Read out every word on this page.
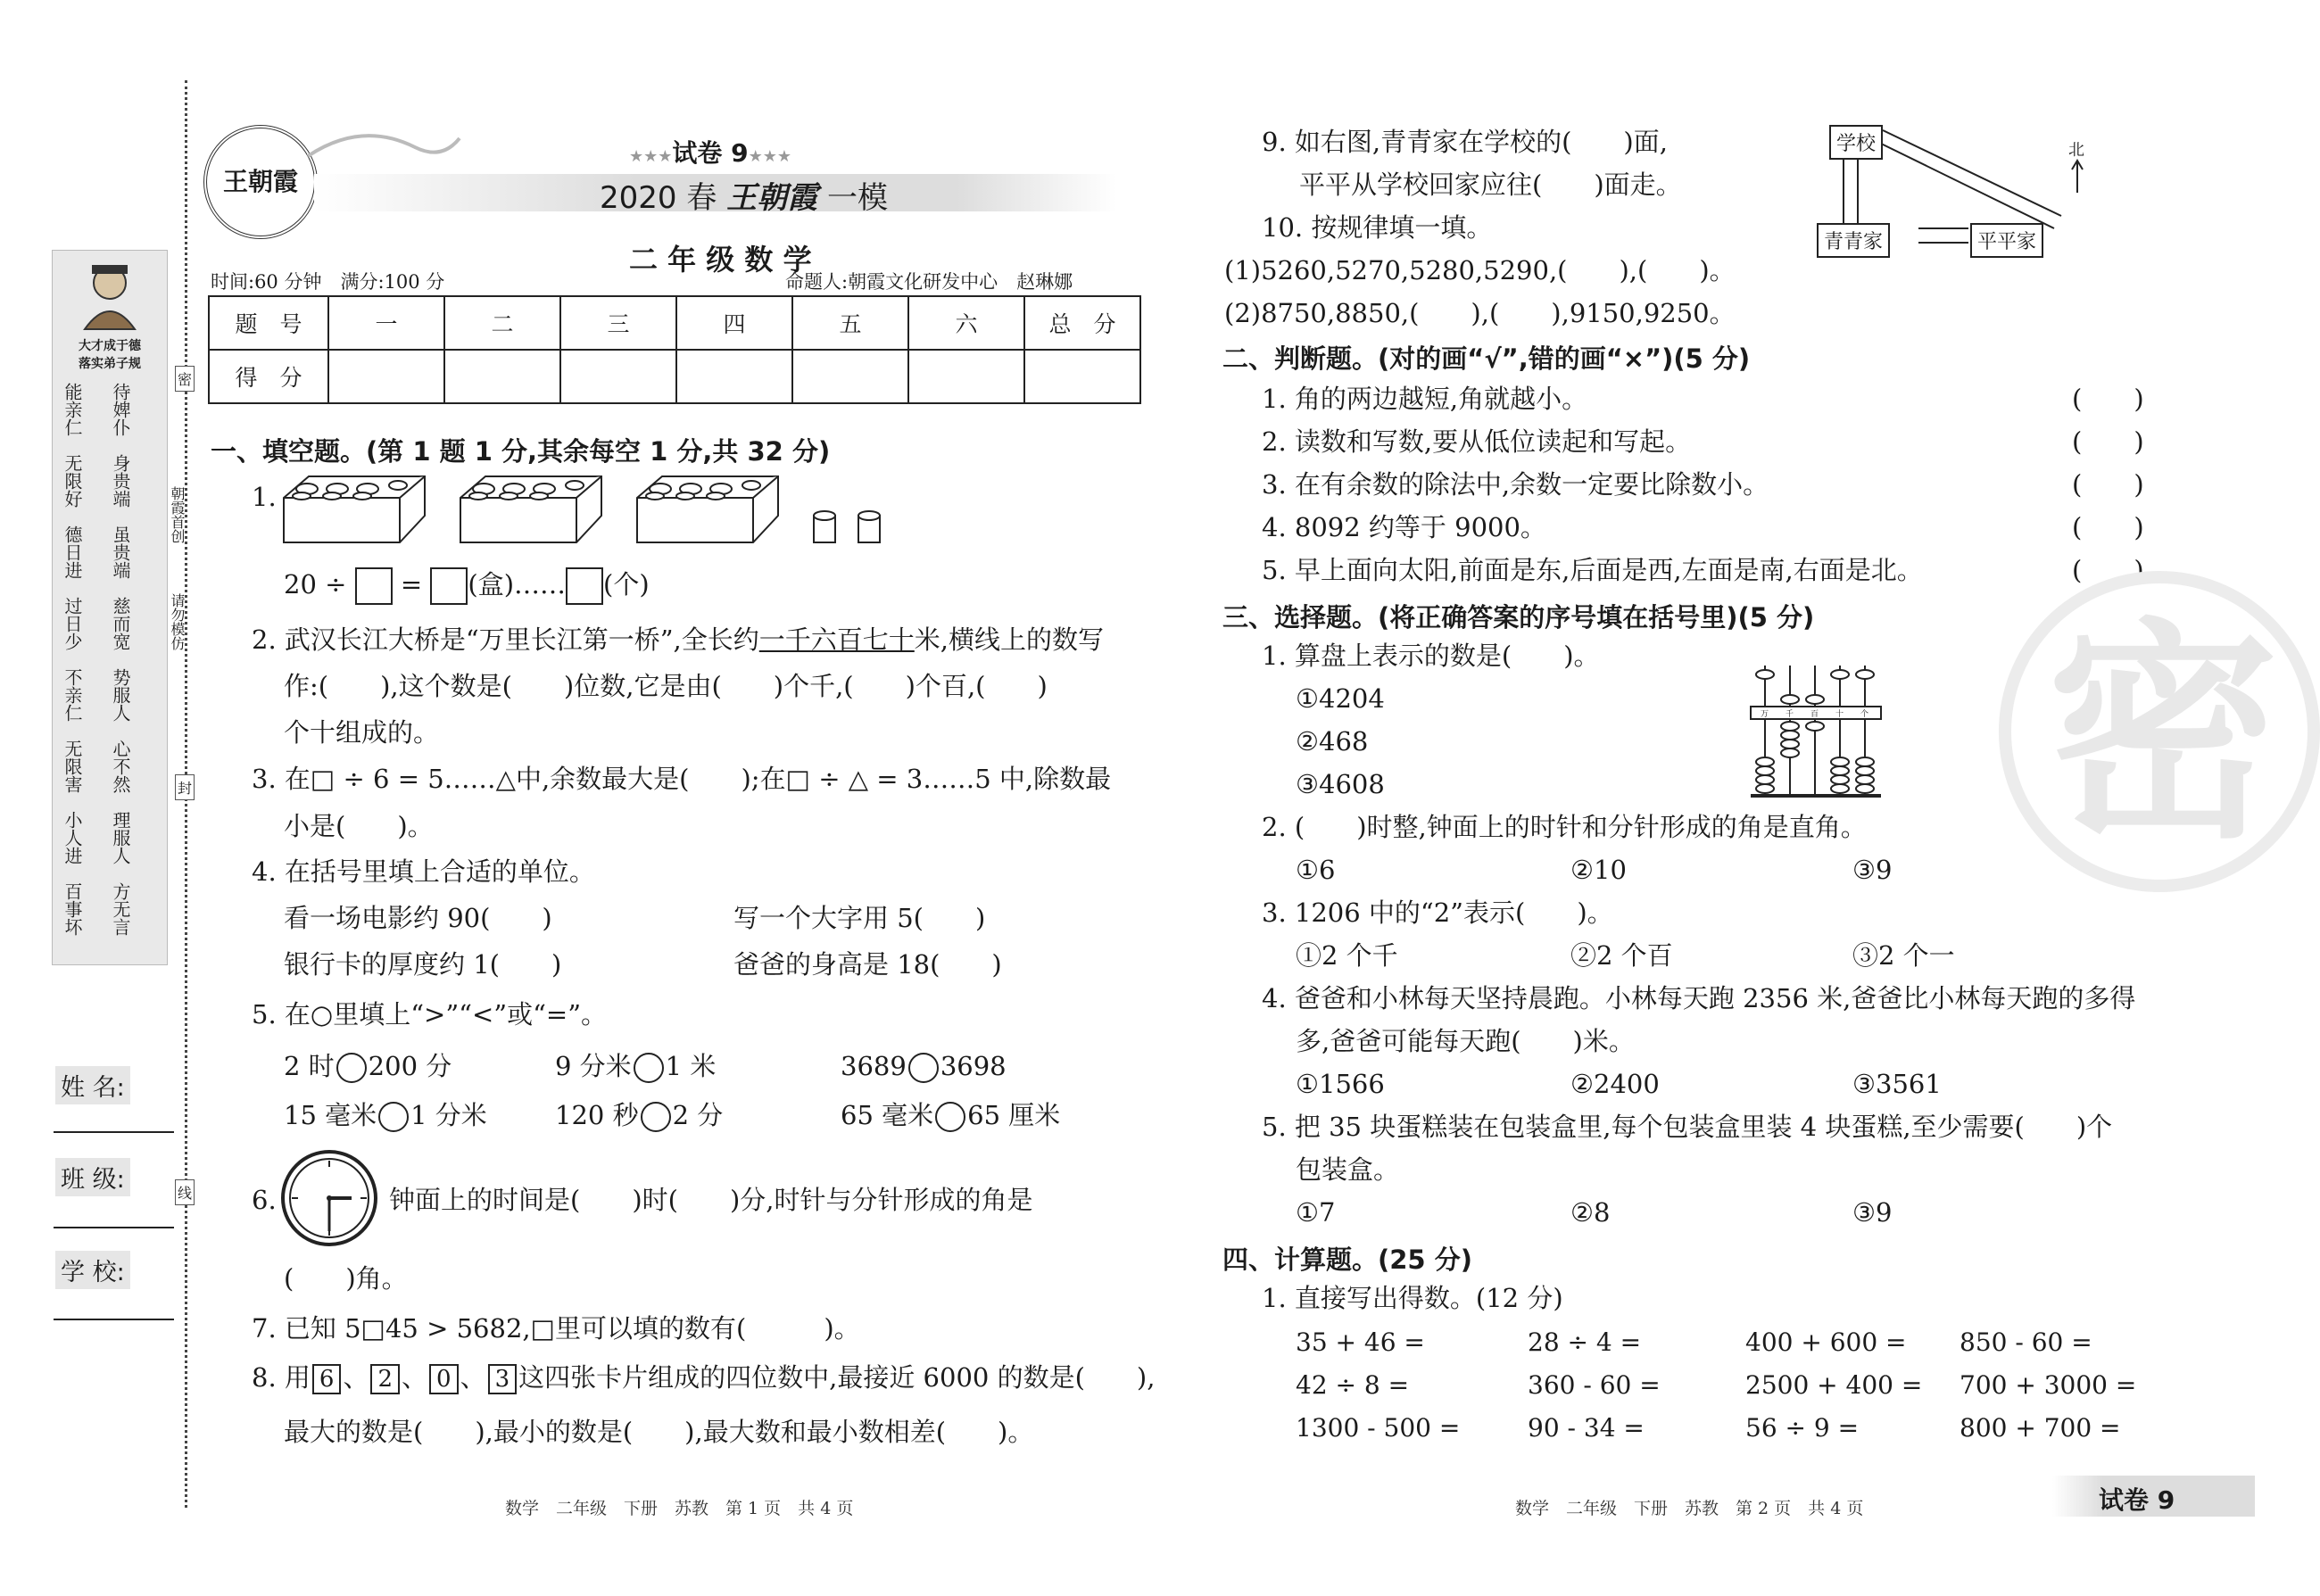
大才成于德
落实弟子规
待婢仆
能亲仁
身贵端
无限好
虽贵端
德日进
慈而宽
过日少
势服人
不亲仁
心不然
无限害
理服人
小人进
方无言
百事坏
朝霞首创
请勿模仿
密
封
线
姓 名:
班 级:
学 校:
王朝霞
★★★试卷 9★★★
2020 春 王朝霞 一模
二 年 级 数 学
时间:60 分钟　满分:100 分	命题人:朝霞文化研发中心　赵琳娜
题　号	一	二	三	四	五	六	总　分
得　分							
一、填空题。(第 1 题 1 分,其余每空 1 分,共 32 分)
1.
20 ÷ = (盒)…… (个)
2. 武汉长江大桥是“万里长江第一桥”,全长约一千六百七十米,横线上的数写
作:(　　),这个数是(　　)位数,它是由(　　)个千,(　　)个百,(　　)
个十组成的。
3. 在□ ÷ 6 = 5……△中,余数最大是(　　);在□ ÷ △ = 3……5 中,除数最
小是(　　)。
4. 在括号里填上合适的单位。
看一场电影约 90(　　)	写一个大字用 5(　　)
银行卡的厚度约 1(　　)	爸爸的身高是 18(　　)
5. 在○里填上“>”“<”或“=”。
2 时 200 分	9 分米 1 米	3689 3698
15 毫米 1 分米	120 秒 2 分	65 毫米 65 厘米
6.	钟面上的时间是(　　)时(　　)分,时针与分针形成的角是
(　　)角。
7. 已知 5□45 > 5682,□里可以填的数有(　　　)。
8. 用 6 、 2 、 0 、 3 这四张卡片组成的四位数中,最接近 6000 的数是(　　),
最大的数是(　　),最小的数是(　　),最大数和最小数相差(　　)。
数学　二年级　下册　苏教　第 1 页　共 4 页
9. 如右图,青青家在学校的(　　)面,
平平从学校回家应往(　　)面走。
10. 按规律填一填。
(1)5260,5270,5280,5290,(　　),(　　)。
(2)8750,8850,(　　),(　　),9150,9250。
学校
青青家	平平家
北
二、判断题。(对的画“√”,错的画“×”)(5 分)
1. 角的两边越短,角就越小。	(　　)
2. 读数和写数,要从低位读起和写起。	(　　)
3. 在有余数的除法中,余数一定要比除数小。	(　　)
4. 8092 约等于 9000。	(　　)
5. 早上面向太阳,前面是东,后面是西,左面是南,右面是北。	(　　)
三、选择题。(将正确答案的序号填在括号里)(5 分)
1. 算盘上表示的数是(　　)。
①4204
②468
③4608
万 千 百 十 个
2. (　　)时整,钟面上的时针和分针形成的角是直角。
①6	②10	③9
3. 1206 中的“2”表示(　　)。
①2 个千	②2 个百	③2 个一
4. 爸爸和小林每天坚持晨跑。小林每天跑 2356 米,爸爸比小林每天跑的多得
多,爸爸可能每天跑(　　)米。
①1566	②2400	③3561
5. 把 35 块蛋糕装在包装盒里,每个包装盒里装 4 块蛋糕,至少需要(　　)个
包装盒。
①7	②8	③9
四、计算题。(25 分)
1. 直接写出得数。(12 分)
35 + 46 =	28 ÷ 4 =	400 + 600 = 850 - 60 =
42 ÷ 8 =	360 - 60 =	2500 + 400 = 700 + 3000 =
1300 - 500 =	90 - 34 =	56 ÷ 9 =	800 + 700 =
数学　二年级　下册　苏教　第 2 页　共 4 页	试卷 9
密
